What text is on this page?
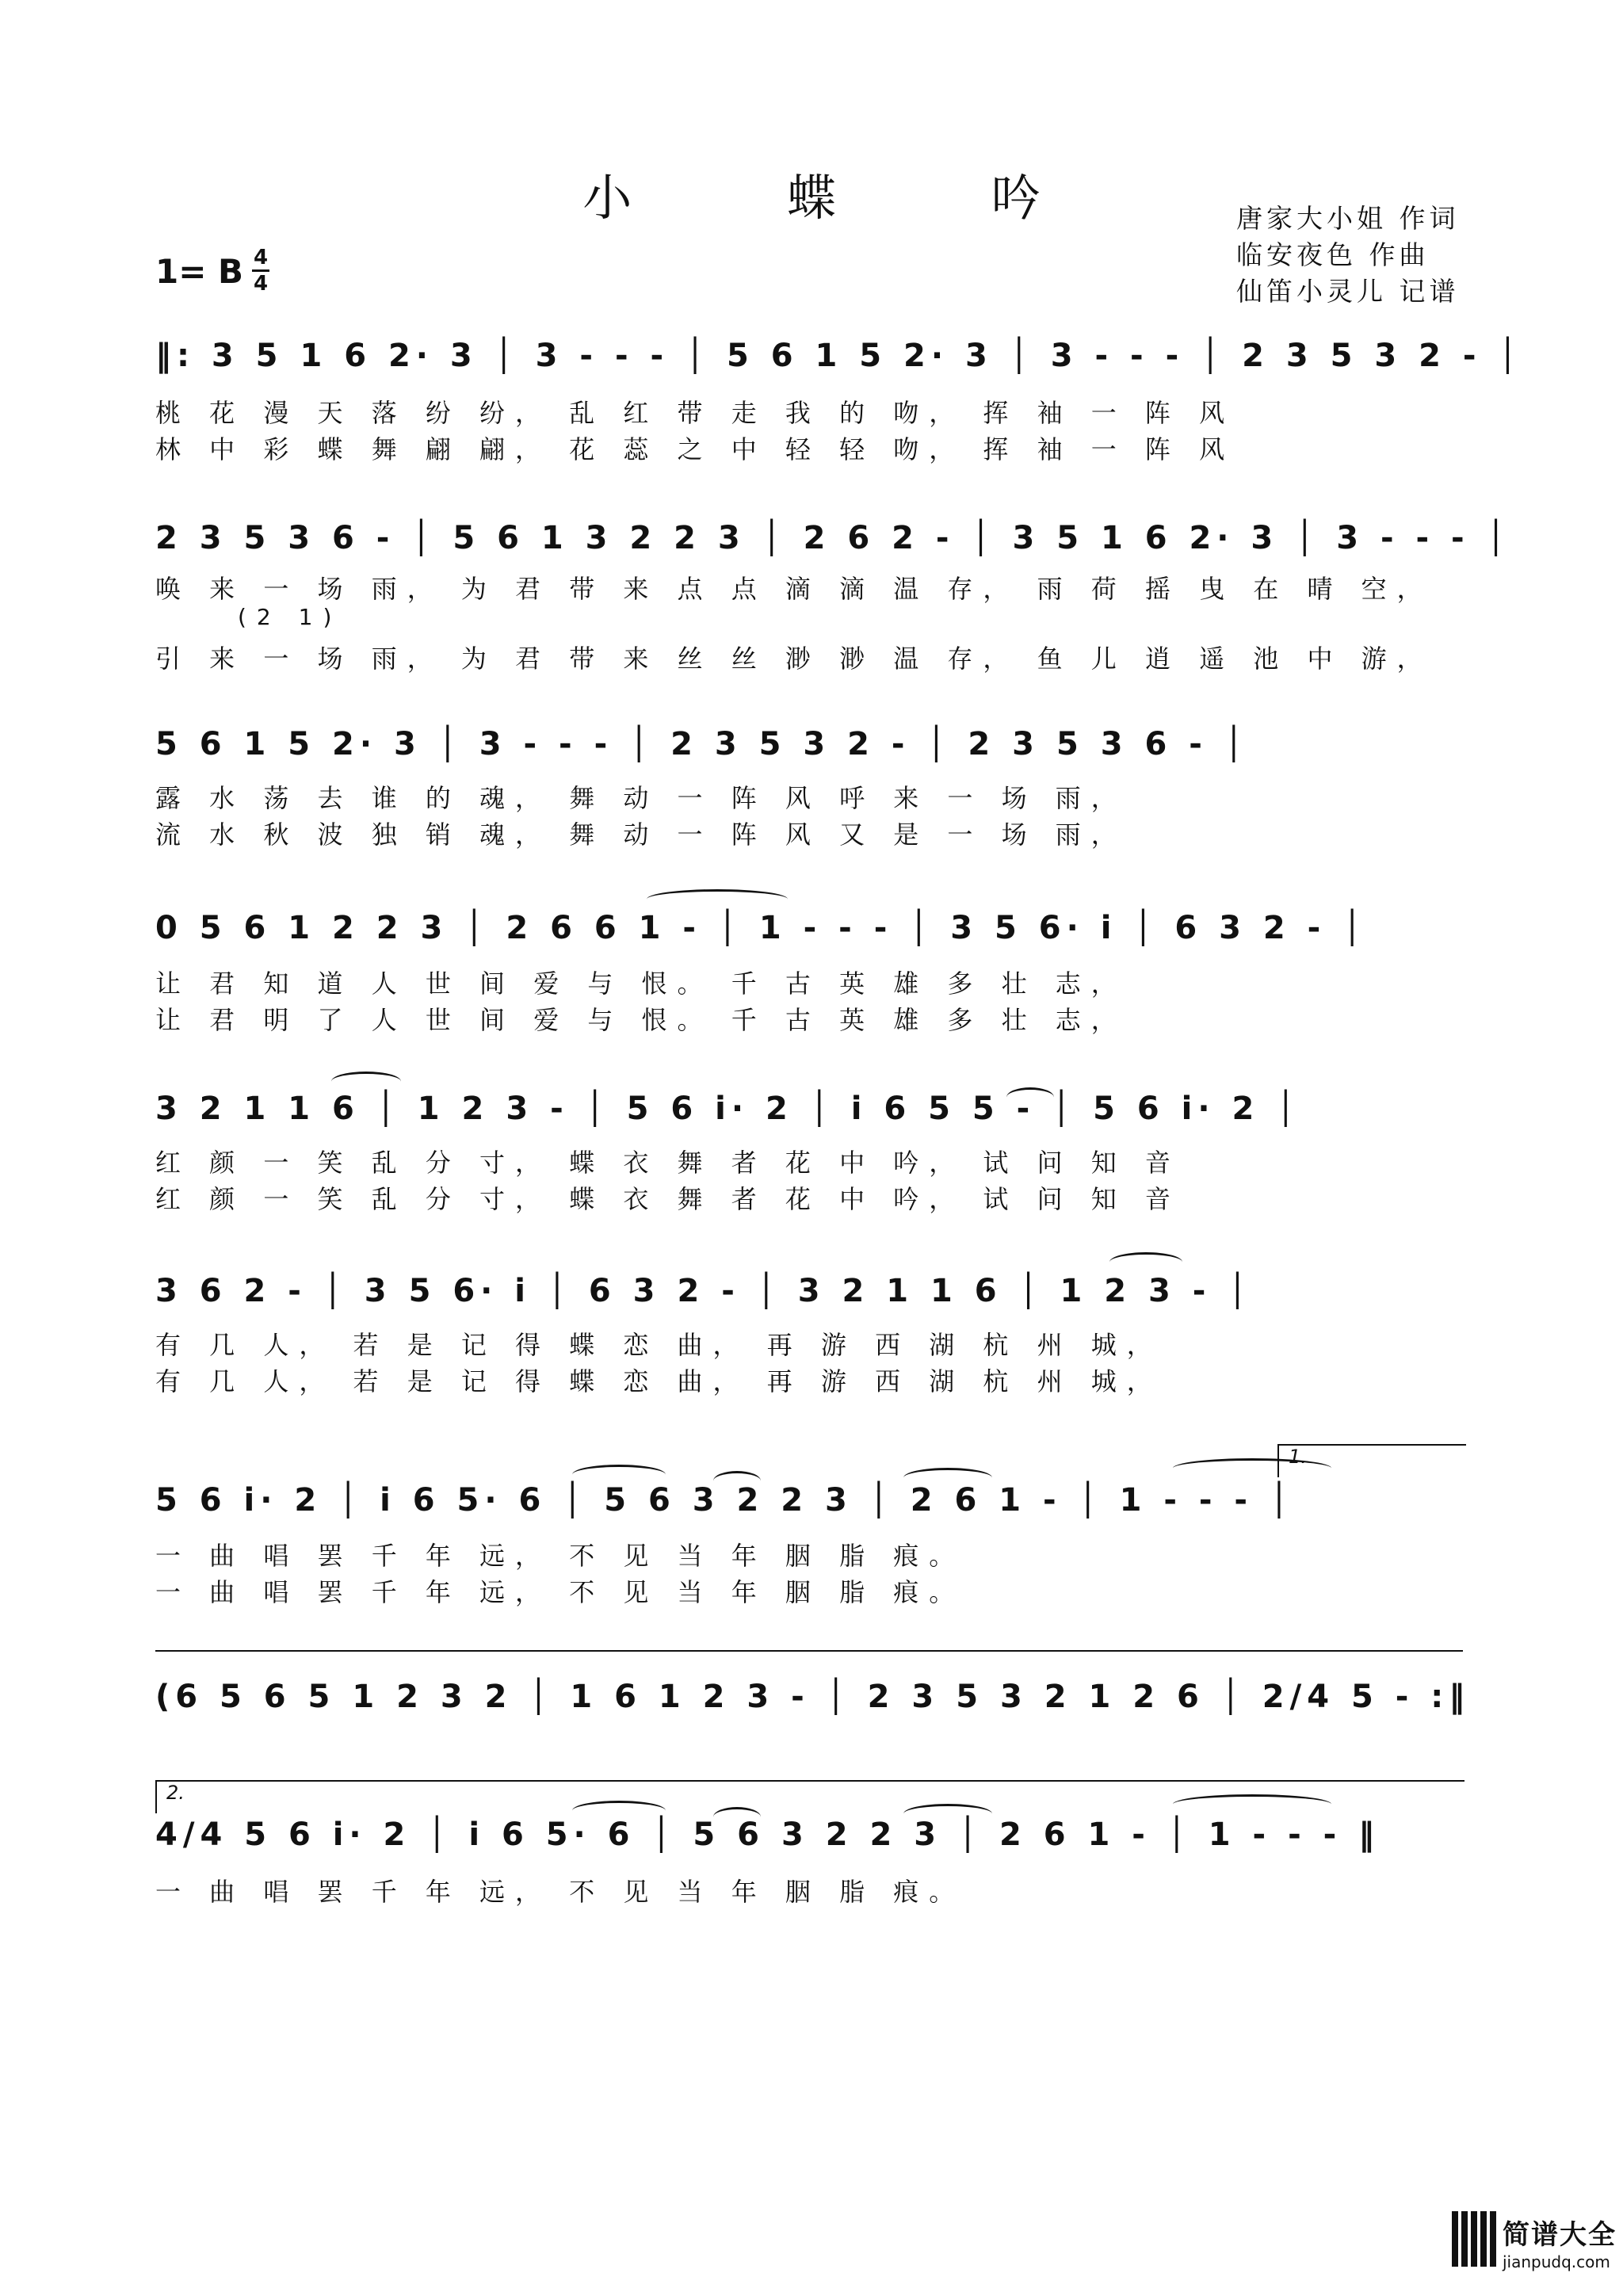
小 蝶 吟	唐家大小姐 作词
临安夜色 作曲
仙笛小灵儿 记谱
1= B 4
4
‖: 3 5 1 6 2· 3 │ 3 - - - │ 5 6 1 5 2· 3 │ 3 - - - │ 2 3 5 3 2 - │
桃 花 漫 天 落 纷 纷， 乱 红 带 走 我 的 吻， 挥 袖 一 阵 风
林 中 彩 蝶 舞 翩 翩， 花 蕊 之 中 轻 轻 吻， 挥 袖 一 阵 风
2 3 5 3 6 - │ 5 6 1 3 2 2 3 │ 2 6 2 - │ 3 5 1 6 2· 3 │ 3 - - - │
唤 来 一 场 雨， 为 君 带 来 点 点 滴 滴 温 存， 雨 荷 摇 曳 在 晴 空，
(2 1)
引 来 一 场 雨， 为 君 带 来 丝 丝 渺 渺 温 存， 鱼 儿 逍 遥 池 中 游，
5 6 1 5 2· 3 │ 3 - - - │ 2 3 5 3 2 - │ 2 3 5 3 6 - │
露 水 荡 去 谁 的 魂， 舞 动 一 阵 风 呼 来 一 场 雨，
流 水 秋 波 独 销 魂， 舞 动 一 阵 风 又 是 一 场 雨，
0 5 6 1 2 2 3 │ 2 6 6 1 - │ 1 - - - │ 3 5 6· i │ 6 3 2 - │
让 君 知 道 人 世 间 爱 与 恨。 千 古 英 雄 多 壮 志，
让 君 明 了 人 世 间 爱 与 恨。 千 古 英 雄 多 壮 志，
3 2 1 1 6 │ 1 2 3 - │ 5 6 i· 2 │ i 6 5 5 - │ 5 6 i· 2 │
红 颜 一 笑 乱 分 寸， 蝶 衣 舞 者 花 中 吟， 试 问 知 音
红 颜 一 笑 乱 分 寸， 蝶 衣 舞 者 花 中 吟， 试 问 知 音
3 6 2 - │ 3 5 6· i │ 6 3 2 - │ 3 2 1 1 6 │ 1 2 3 - │
有 几 人， 若 是 记 得 蝶 恋 曲， 再 游 西 湖 杭 州 城，
有 几 人， 若 是 记 得 蝶 恋 曲， 再 游 西 湖 杭 州 城，
1.
5 6 i· 2 │ i 6 5· 6 │ 5 6 3 2 2 3 │ 2 6 1 - │ 1 - - - │
一 曲 唱 罢 千 年 远， 不 见 当 年 胭 脂 痕。
一 曲 唱 罢 千 年 远， 不 见 当 年 胭 脂 痕。
(6 5 6 5 1 2 3 2 │ 1 6 1 2 3 - │ 2 3 5 3 2 1 2 6 │ 2/4 5 - :‖
2.
4/4 5 6 i· 2 │ i 6 5· 6 │ 5 6 3 2 2 3 │ 2 6 1 - │ 1 - - - ‖
一 曲 唱 罢 千 年 远， 不 见 当 年 胭 脂 痕。
简谱大全
jianpudq.com
